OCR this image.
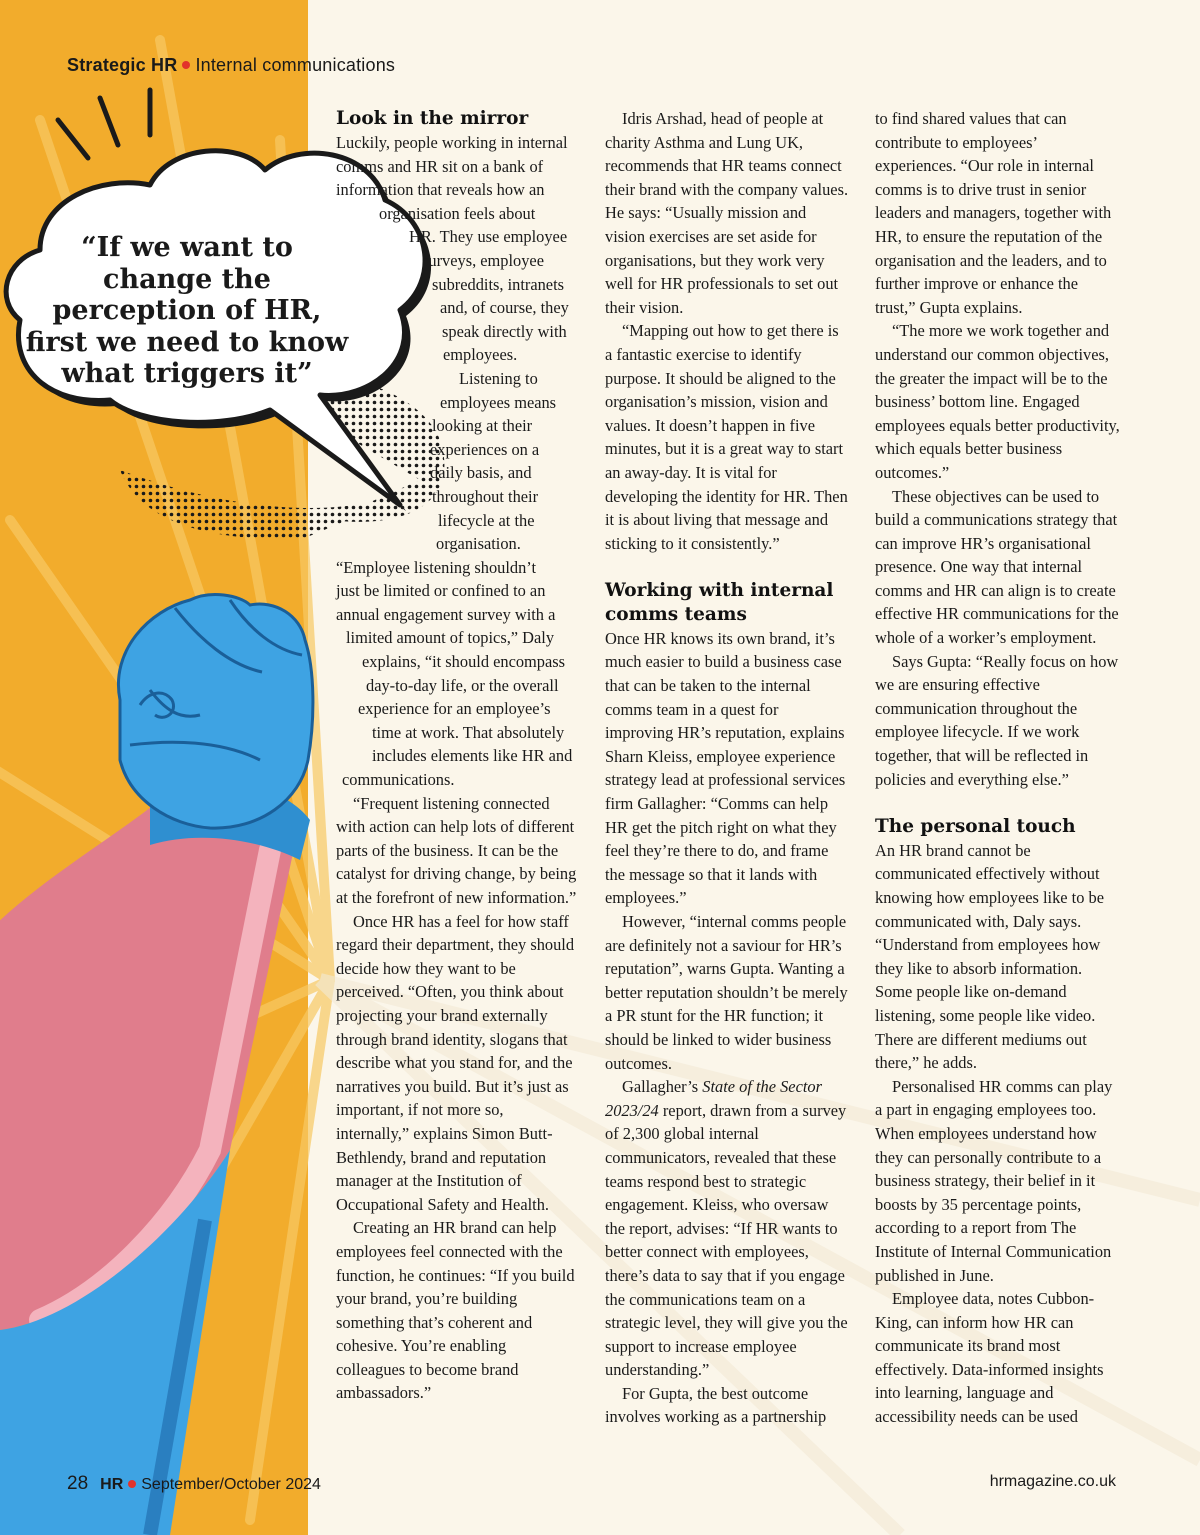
Strategic HR Internal communications
“If we want to change the perception of HR, first we need to know what triggers it”
Look in the mirror
Luckily, people working in internal
comms and HR sit on a bank of
information that reveals how an
organisation feels about
HR. They use employee
surveys, employee
subreddits, intranets
and, of course, they
speak directly with
employees.
Listening to
employees means
looking at their
experiences on a
daily basis, and
throughout their
lifecycle at the
organisation.
“Employee listening shouldn’t
just be limited or confined to an
annual engagement survey with a
limited amount of topics,” Daly
explains, “it should encompass
day-to-day life, or the overall
experience for an employee’s
time at work. That absolutely
includes elements like HR and
communications.

“Frequent listening connected with action can help lots of different parts of the business. It can be the catalyst for driving change, by being at the forefront of new information.”

Once HR has a feel for how staff regard their department, they should decide how they want to be perceived. “Often, you think about projecting your brand externally through brand identity, slogans that describe what you stand for, and the narratives you build. But it’s just as important, if not more so, internally,” explains Simon Butt-Bethlendy, brand and reputation manager at the Institution of Occupational Safety and Health.

Creating an HR brand can help employees feel connected with the function, he continues: “If you build your brand, you’re building something that’s coherent and cohesive. You’re enabling colleagues to become brand ambassadors.”

Idris Arshad, head of people at charity Asthma and Lung UK, recommends that HR teams connect their brand with the company values. He says: “Usually mission and vision exercises are set aside for organisations, but they work very well for HR professionals to set out their vision.

“Mapping out how to get there is a fantastic exercise to identify purpose. It should be aligned to the organisation’s mission, vision and values. It doesn’t happen in five minutes, but it is a great way to start an away-day. It is vital for developing the identity for HR. Then it is about living that message and sticking to it consistently.”

Working with internal comms teams

Once HR knows its own brand, it’s much easier to build a business case that can be taken to the internal comms team in a quest for improving HR’s reputation, explains Sharn Kleiss, employee experience strategy lead at professional services firm Gallagher: “Comms can help HR get the pitch right on what they feel they’re there to do, and frame the message so that it lands with employees.”

However, “internal comms people are definitely not a saviour for HR’s reputation”, warns Gupta. Wanting a better reputation shouldn’t be merely a PR stunt for the HR function; it should be linked to wider business outcomes.

Gallagher’s State of the Sector 2023/24 report, drawn from a survey of 2,300 global internal communicators, revealed that these teams respond best to strategic engagement. Kleiss, who oversaw the report, advises: “If HR wants to better connect with employees, there’s data to say that if you engage the communications team on a strategic level, they will give you the support to increase employee understanding.”

For Gupta, the best outcome involves working as a partnership

to find shared values that can contribute to employees’ experiences. “Our role in internal comms is to drive trust in senior leaders and managers, together with HR, to ensure the reputation of the organisation and the leaders, and to further improve or enhance the trust,” Gupta explains.

“The more we work together and understand our common objectives, the greater the impact will be to the business’ bottom line. Engaged employees equals better productivity, which equals better business outcomes.”

These objectives can be used to build a communications strategy that can improve HR’s organisational presence. One way that internal comms and HR can align is to create effective HR communications for the whole of a worker’s employment.

Says Gupta: “Really focus on how we are ensuring effective communication throughout the employee lifecycle. If we work together, that will be reflected in policies and everything else.”

The personal touch

An HR brand cannot be communicated effectively without knowing how employees like to be communicated with, Daly says. “Understand from employees how they like to absorb information. Some people like on-demand listening, some people like video. There are different mediums out there,” he adds.

Personalised HR comms can play a part in engaging employees too. When employees understand how they can personally contribute to a business strategy, their belief in it boosts by 35 percentage points, according to a report from The Institute of Internal Communication published in June.

Employee data, notes Cubbon-King, can inform how HR can communicate its brand most effectively. Data-informed insights into learning, language and accessibility needs can be used

28 HR September/October 2024	hrmagazine.co.uk
